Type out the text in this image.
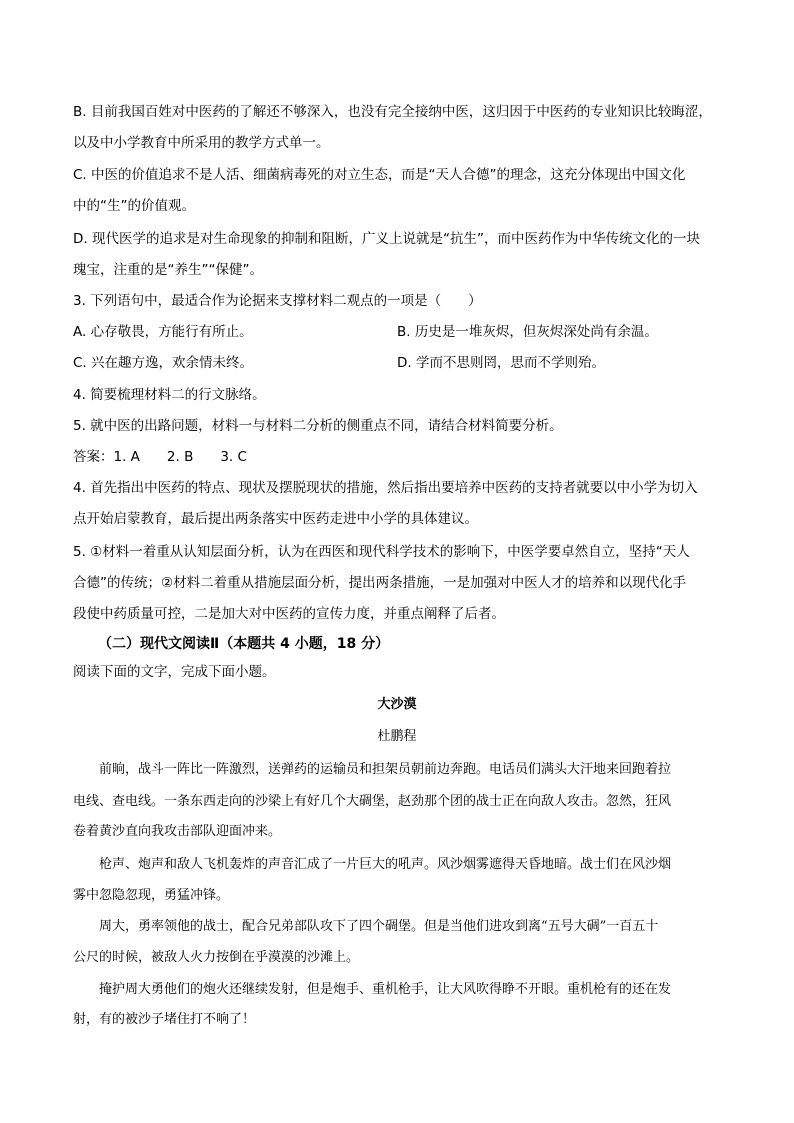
B. 目前我国百姓对中医药的了解还不够深入，也没有完全接纳中医，这归因于中医药的专业知识比较晦涩，
以及中小学教育中所采用的教学方式单一。
C. 中医的价值追求不是人活、细菌病毒死的对立生态，而是“天人合德”的理念，这充分体现出中国文化
中的“生”的价值观。
D. 现代医学的追求是对生命现象的抑制和阻断，广义上说就是“抗生”，而中医药作为中华传统文化的一块
瑰宝，注重的是“养生”“保健”。
3. 下列语句中，最适合作为论据来支撑材料二观点的一项是（　　）
A. 心存敬畏，方能行有所止。	B. 历史是一堆灰烬，但灰烬深处尚有余温。
C. 兴在趣方逸，欢余情未终。	D. 学而不思则罔，思而不学则殆。
4. 简要梳理材料二的行文脉络。
5. 就中医的出路问题，材料一与材料二分析的侧重点不同，请结合材料简要分析。
答案：1. A　　2. B　　3. C
4. 首先指出中医药的特点、现状及摆脱现状的措施，然后指出要培养中医药的支持者就要以中小学为切入
点开始启蒙教育，最后提出两条落实中医药走进中小学的具体建议。
5. ①材料一着重从认知层面分析，认为在西医和现代科学技术的影响下，中医学要卓然自立，坚持“天人
合德”的传统；②材料二着重从措施层面分析，提出两条措施，一是加强对中医人才的培养和以现代化手
段使中药质量可控，二是加大对中医药的宣传力度，并重点阐释了后者。
（二）现代文阅读Ⅱ（本题共 4 小题，18 分）
阅读下面的文字，完成下面小题。
大沙漠
杜鹏程
　　前晌，战斗一阵比一阵激烈，送弹药的运输员和担架员朝前边奔跑。电话员们满头大汗地来回跑着拉
电线、查电线。一条东西走向的沙梁上有好几个大碉堡，赵劲那个团的战士正在向敌人攻击。忽然，狂风
卷着黄沙直向我攻击部队迎面冲来。
　　枪声、炮声和敌人飞机轰炸的声音汇成了一片巨大的吼声。风沙烟雾遮得天昏地暗。战士们在风沙烟
雾中忽隐忽现，勇猛冲锋。
　　周大，勇率领他的战士，配合兄弟部队攻下了四个碉堡。但是当他们进攻到离“五号大碉”一百五十
公尺的时候，被敌人火力按倒在乎漠漠的沙滩上。
　　掩护周大勇他们的炮火还继续发射，但是炮手、重机枪手，让大风吹得睁不开眼。重机枪有的还在发
射，有的被沙子堵住打不响了！
